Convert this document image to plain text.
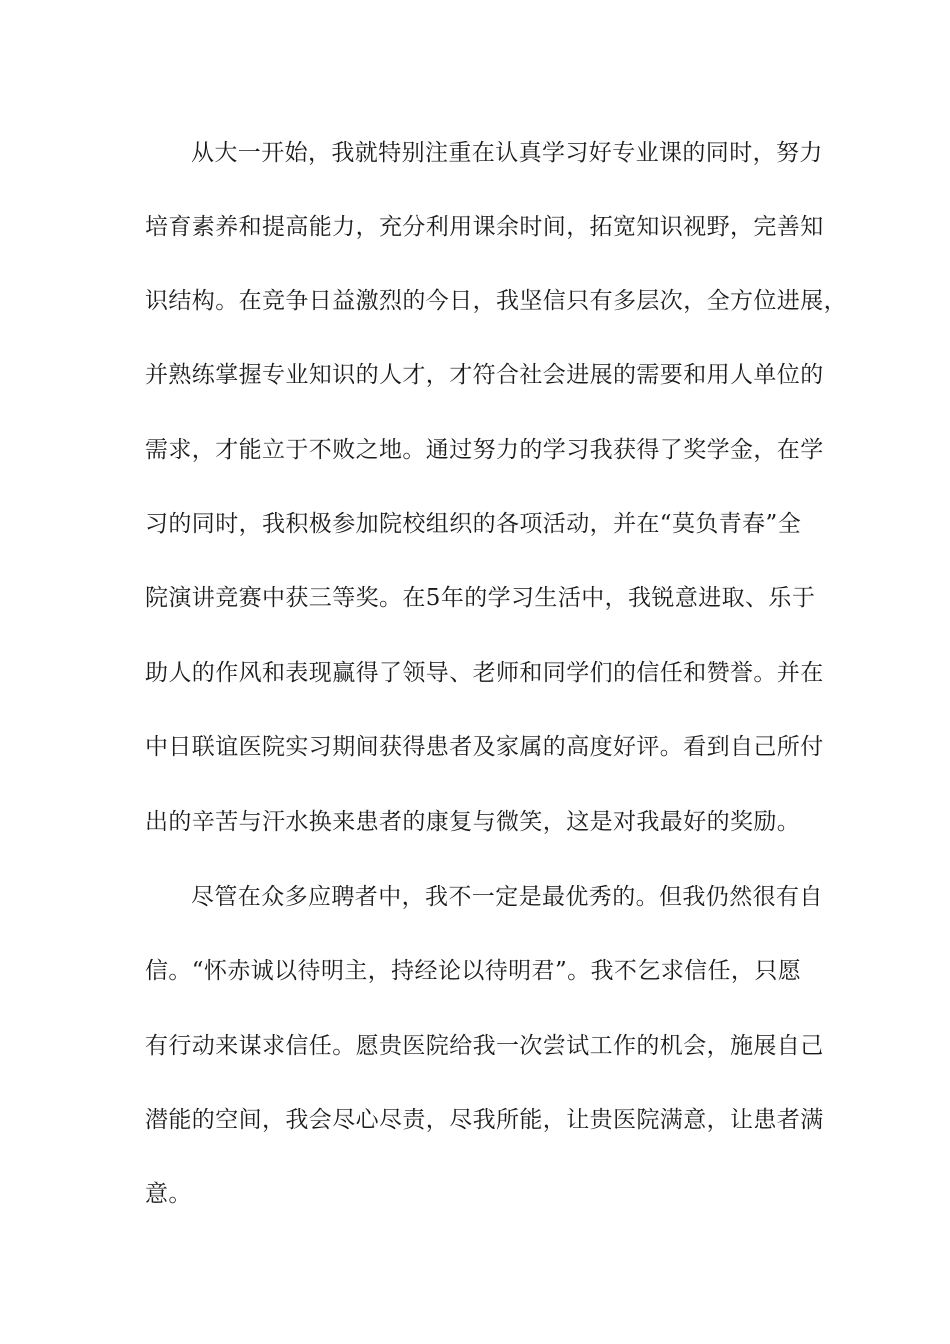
从大一开始，我就特别注重在认真学习好专业课的同时，努力
培育素养和提高能力，充分利用课余时间，拓宽知识视野，完善知
识结构。在竞争日益激烈的今日，我坚信只有多层次，全方位进展，
并熟练掌握专业知识的人才，才符合社会进展的需要和用人单位的
需求，才能立于不败之地。通过努力的学习我获得了奖学金，在学
习的同时，我积极参加院校组织的各项活动，并在“莫负青春”全
院演讲竞赛中获三等奖。在5年的学习生活中，我锐意进取、乐于
助人的作风和表现赢得了领导、老师和同学们的信任和赞誉。并在
中日联谊医院实习期间获得患者及家属的高度好评。看到自己所付
出的辛苦与汗水换来患者的康复与微笑，这是对我最好的奖励。
尽管在众多应聘者中，我不一定是最优秀的。但我仍然很有自
信。“怀赤诚以待明主，持经论以待明君”。我不乞求信任，只愿
有行动来谋求信任。愿贵医院给我一次尝试工作的机会，施展自己
潜能的空间，我会尽心尽责，尽我所能，让贵医院满意，让患者满
意。
